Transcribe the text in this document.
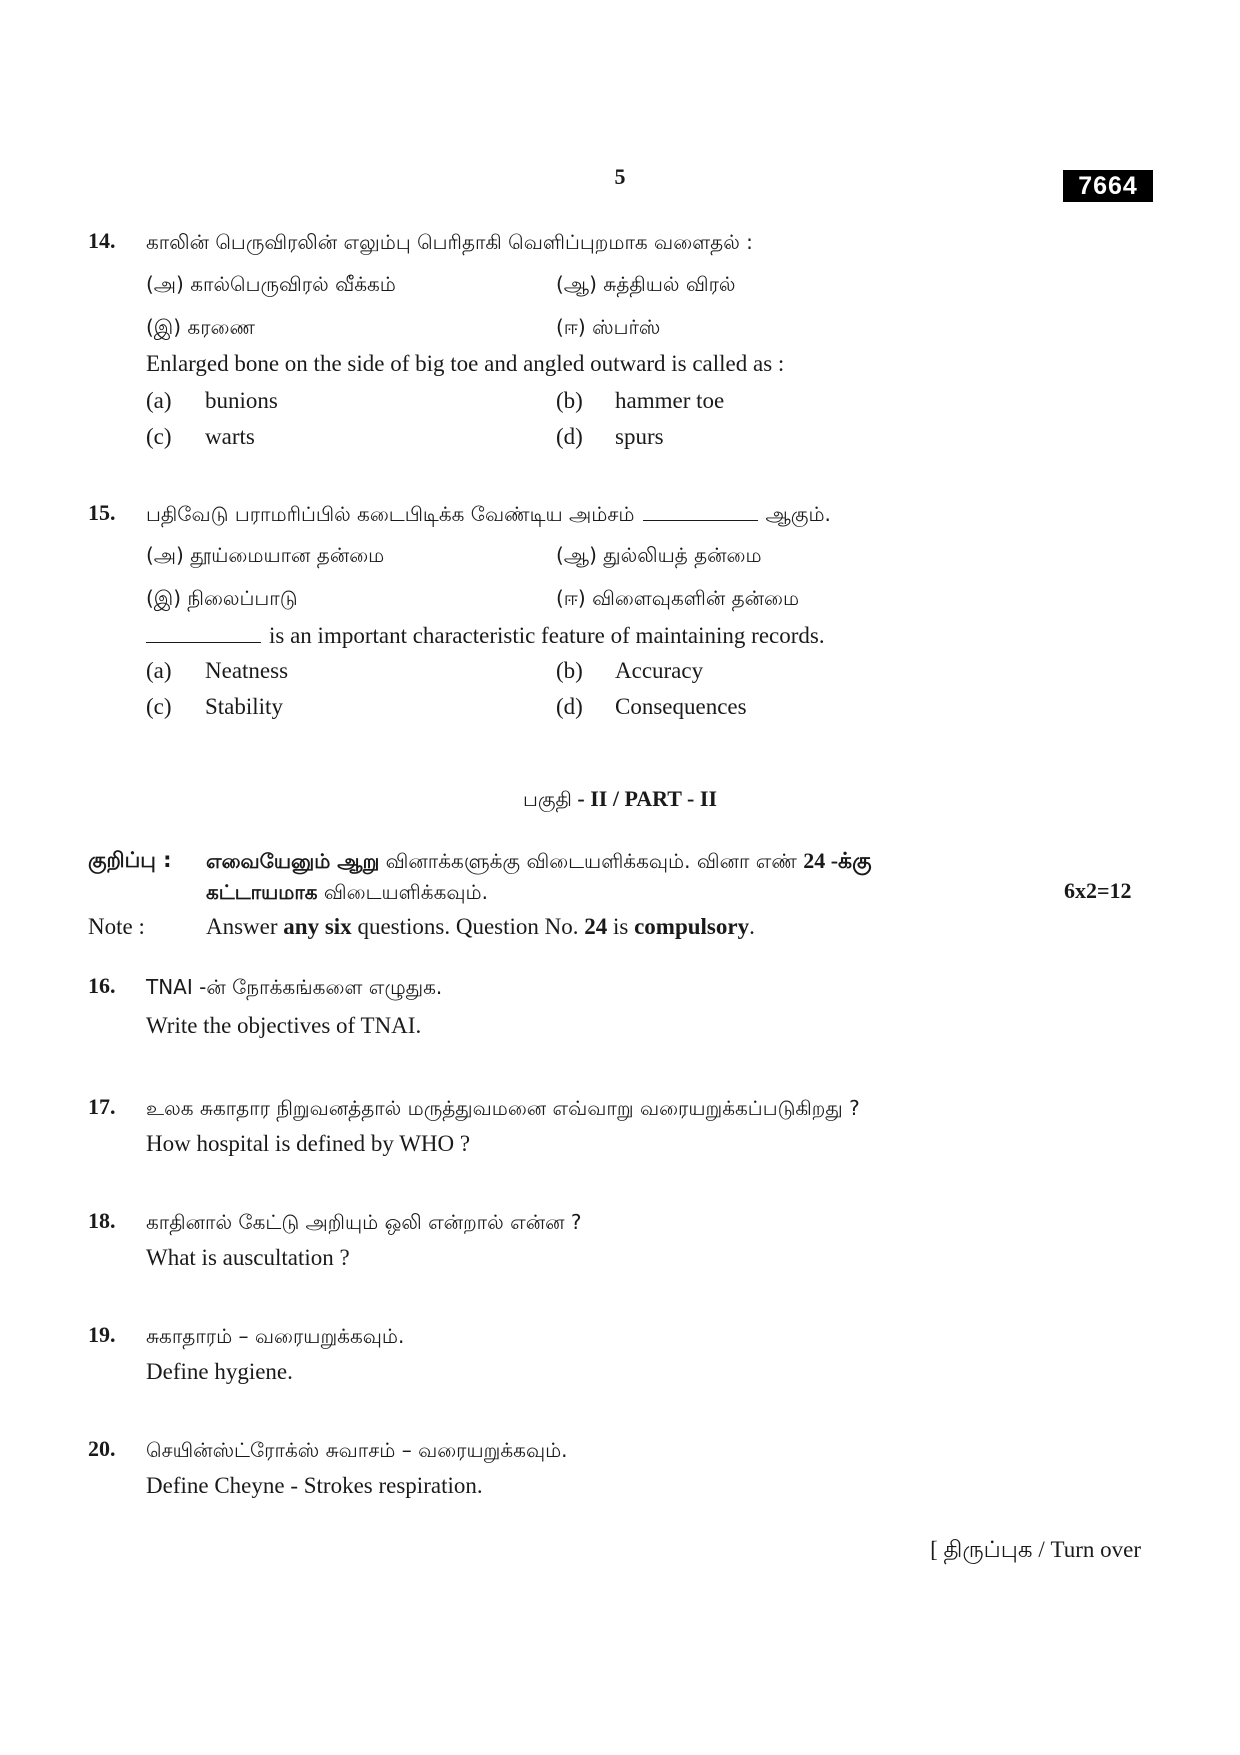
5	7664
14. காலின் பெருவிரலின் எலும்பு பெரிதாகி வெளிப்புறமாக வளைதல் :
(அ) கால்பெருவிரல் வீக்கம்	(ஆ) சுத்தியல் விரல்
(இ) கரணை	(ஈ) ஸ்பர்ஸ்
Enlarged bone on the side of big toe and angled outward is called as :
(a) bunions	(b) hammer toe
(c) warts	(d) spurs
15. பதிவேடு பராமரிப்பில் கடைபிடிக்க வேண்டிய அம்சம்	ஆகும்.
(அ) தூய்மையான தன்மை	(ஆ) துல்லியத் தன்மை
(இ) நிலைப்பாடு	(ஈ) விளைவுகளின் தன்மை
is an important characteristic feature of maintaining records.
(a) Neatness	(b) Accuracy
(c) Stability	(d) Consequences
பகுதி - II / PART - II
குறிப்பு : எவையேனும் ஆறு வினாக்களுக்கு விடையளிக்கவும். வினா எண் 24 -க்கு
கட்டாயமாக விடையளிக்கவும்.	6x2=12
Note :	Answer any six questions. Question No. 24 is compulsory.
16. TNAI -ன் நோக்கங்களை எழுதுக.
Write the objectives of TNAI.
17. உலக சுகாதார நிறுவனத்தால் மருத்துவமனை எவ்வாறு வரையறுக்கப்படுகிறது ?
How hospital is defined by WHO ?
18. காதினால் கேட்டு அறியும் ஒலி என்றால் என்ன ?
What is auscultation ?
19. சுகாதாரம் – வரையறுக்கவும்.
Define hygiene.
20. செயின்ஸ்ட்ரோக்ஸ் சுவாசம் – வரையறுக்கவும்.
Define Cheyne - Strokes respiration.
[ திருப்புக / Turn over
